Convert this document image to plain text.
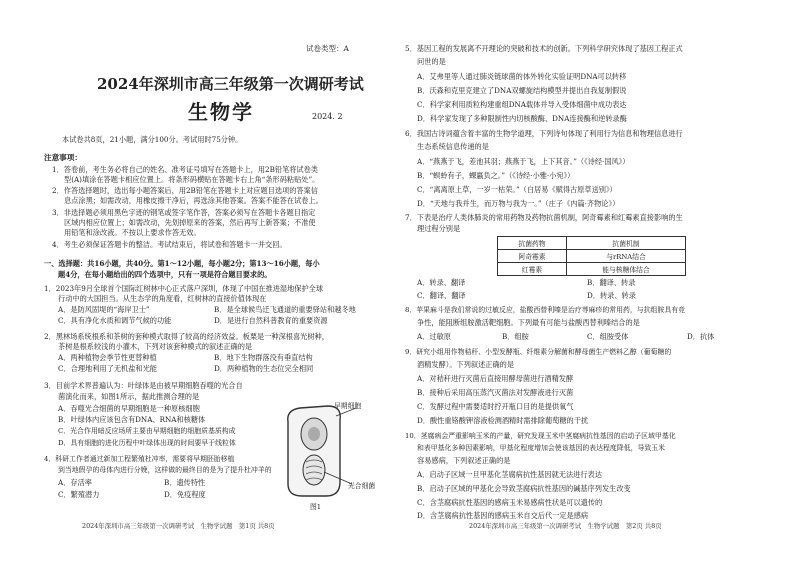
试卷类型：A
2024年深圳市高三年级第一次调研考试
生物学	2024. 2
本试卷共8页，21小题，满分100分。考试用时75分钟。
注意事项：
1．答卷前，考生务必将自己的姓名、准考证号填写在答题卡上，用2B铅笔将试卷类
型(A)填涂在答题卡相应位置上。将条形码横贴在答题卡右上角“条形码粘贴处”。
2．作答选择题时，选出每小题答案后，用2B铅笔在答题卡上对应题目选项的答案信
息点涂黑；如需改动，用橡皮擦干净后，再选涂其他答案。答案不能答在试卷上。
3．非选择题必须用黑色字迹的钢笔或签字笔作答，答案必须写在答题卡各题目指定
区域内相应位置上；如需改动，先划掉原来的答案，然后再写上新答案；不准使
用铅笔和涂改液。不按以上要求作答无效。
4．考生必须保证答题卡的整洁。考试结束后，将试卷和答题卡一并交回。
一、选择题：共16小题，共40分。第1～12小题，每小题2分；第13～16小题，每小
题4分，在每小题给出的四个选项中，只有一项是符合题目要求的。
1．2023年9月全球首个国际红树林中心正式落户深圳，体现了中国在推进湿地保护全球
行动中的大国担当。从生态学的角度看，红树林的直接价值体现在
A．是防风固堤的“海岸卫士”	B．是全球候鸟迁飞通道的重要驿站和越冬地
C．具有净化水质和调节气候的功能	D．是进行自然科普教育的重要资源
2．黑林场系统根系和茶树的套种模式取得了较高的经济效益。板栗是一种深根喜光树种，
茶树是根系较浅的小灌木，下列对该套种模式的叙述正确的是
A．两种植物会季节性更替种植	B．地下生物群落没有垂直结构
C．合理地利用了无机盐和光能	D．两种植物的生态位完全相同
3．目前学术界普遍认为：叶绿体是由被早期细胞吞噬的光合自
菌演化而来，如图1所示，据此推测合理的是
A．吞噬光合细菌的早期细胞是一种原核细胞
B．叶绿体内应该包含有DNA、RNA和核糖体
C．光合作用暗反应场所主要由早期细胞的细胞质基质构成
D．具有细胞的进化历程中叶绿体出现的时间要早于线粒体
4．科研工作者通过新加工程繁殖杜冲率，需要将早期胚胎移植
到当地假孕的母体内进行分娩，这样做的最终目的是为了提升杜冲羊的
A．存活率	B．遗传特性
C．繁殖潜力	D．免疫程度
早期细胞
光合细菌
图1
2024年深圳市高三年级第一次调研考试　生物学试题　第1页 共8页
5．基因工程的发展离不开理论的突破和技术的创新。下列科学研究体现了基因工程正式
问世的是
A．艾弗里等人通过肺炎链球菌的体外转化实验证明DNA可以转移
B．沃森和克里克建立了DNA双螺旋结构模型并提出自我复制假说
C．科学家利用质粒构建重组DNA载体并导入受体细菌中成功表达
D．科学家发现了多种限制性内切核酸酶、DNA连接酶和逆转录酶
6．我国古诗词蕴含着丰富的生物学道理，下列诗句体现了利用行为信息和物理信息进行
生态系统信息传递的是
A．“燕燕于飞，差池其羽；燕燕于飞，上下其音。”（《诗经·国风》）
B．“螟蛉有子，蜾蠃负之。”（《诗经·小雅·小宛》）
C．“离离原上草，一岁一枯荣。”（白居易《赋得古原草送别》）
D．“天地与我并生，而万物与我为一。”（庄子《内篇·齐物论》）
7．下表是治疗人类体肺炎的常用药物及药物抗菌机制，阿奇霉素和红霉素直接影响的生
理过程分别是
抗菌药物	抗菌机制
阿奇霉素	与rRNA结合
红霉素	能与核糖体结合
A．转录、翻译	B．翻译、转录
C．翻译、翻译	D．转录、转录
8．苹果麻斗是我们常说的过敏反应，盐酸西替利嗪是治疗荨麻疹的常用药，与抗组胺具有竞
争性，能阻断组胺激活靶细胞。下列最有可能与盐酸西替利嗪结合的是
A．过敏原	B．组胺	C．组胺受体	D．抗体
9．研究小组用作物秸秆、小型发酵瓶、纤维素分解菌和酵母菌生产燃料乙醇（葡萄糖的
酒精发酵）。下列叙述正确的是
A．对秸秆进行灭菌后直接用酵母菌进行酒精发酵
B．接种后采用高压蒸汽灭菌法对发酵液进行灭菌
C．发酵过程中需要适时拧开瓶口目的是提供氧气
D．酸性重铬酸钾溶液检测酒精时需排除葡萄糖的干扰
10．茎腐病会严重影响玉米的产量，研究发现玉米中茎腐病抗性基因的启动子区域甲基化
和表甲基化多种因素影响，甲基化程度增加会使该基因的表达程度降低，导致玉米
容易感病，下列叙述正确的是
A．启动子区域一旦甲基化茎腐病抗性基因就无法进行表达
B．启动子区域的甲基化会导致茎腐病抗性基因的碱基序列发生改变
C．含茎腐病抗性基因的感病玉米易感病性状是可以遗传的
D．含茎腐病抗性基因的感病玉米自交后代一定是感病
2024年深圳市高三年级第一次调研考试　生物学试题　第2页 共8页
